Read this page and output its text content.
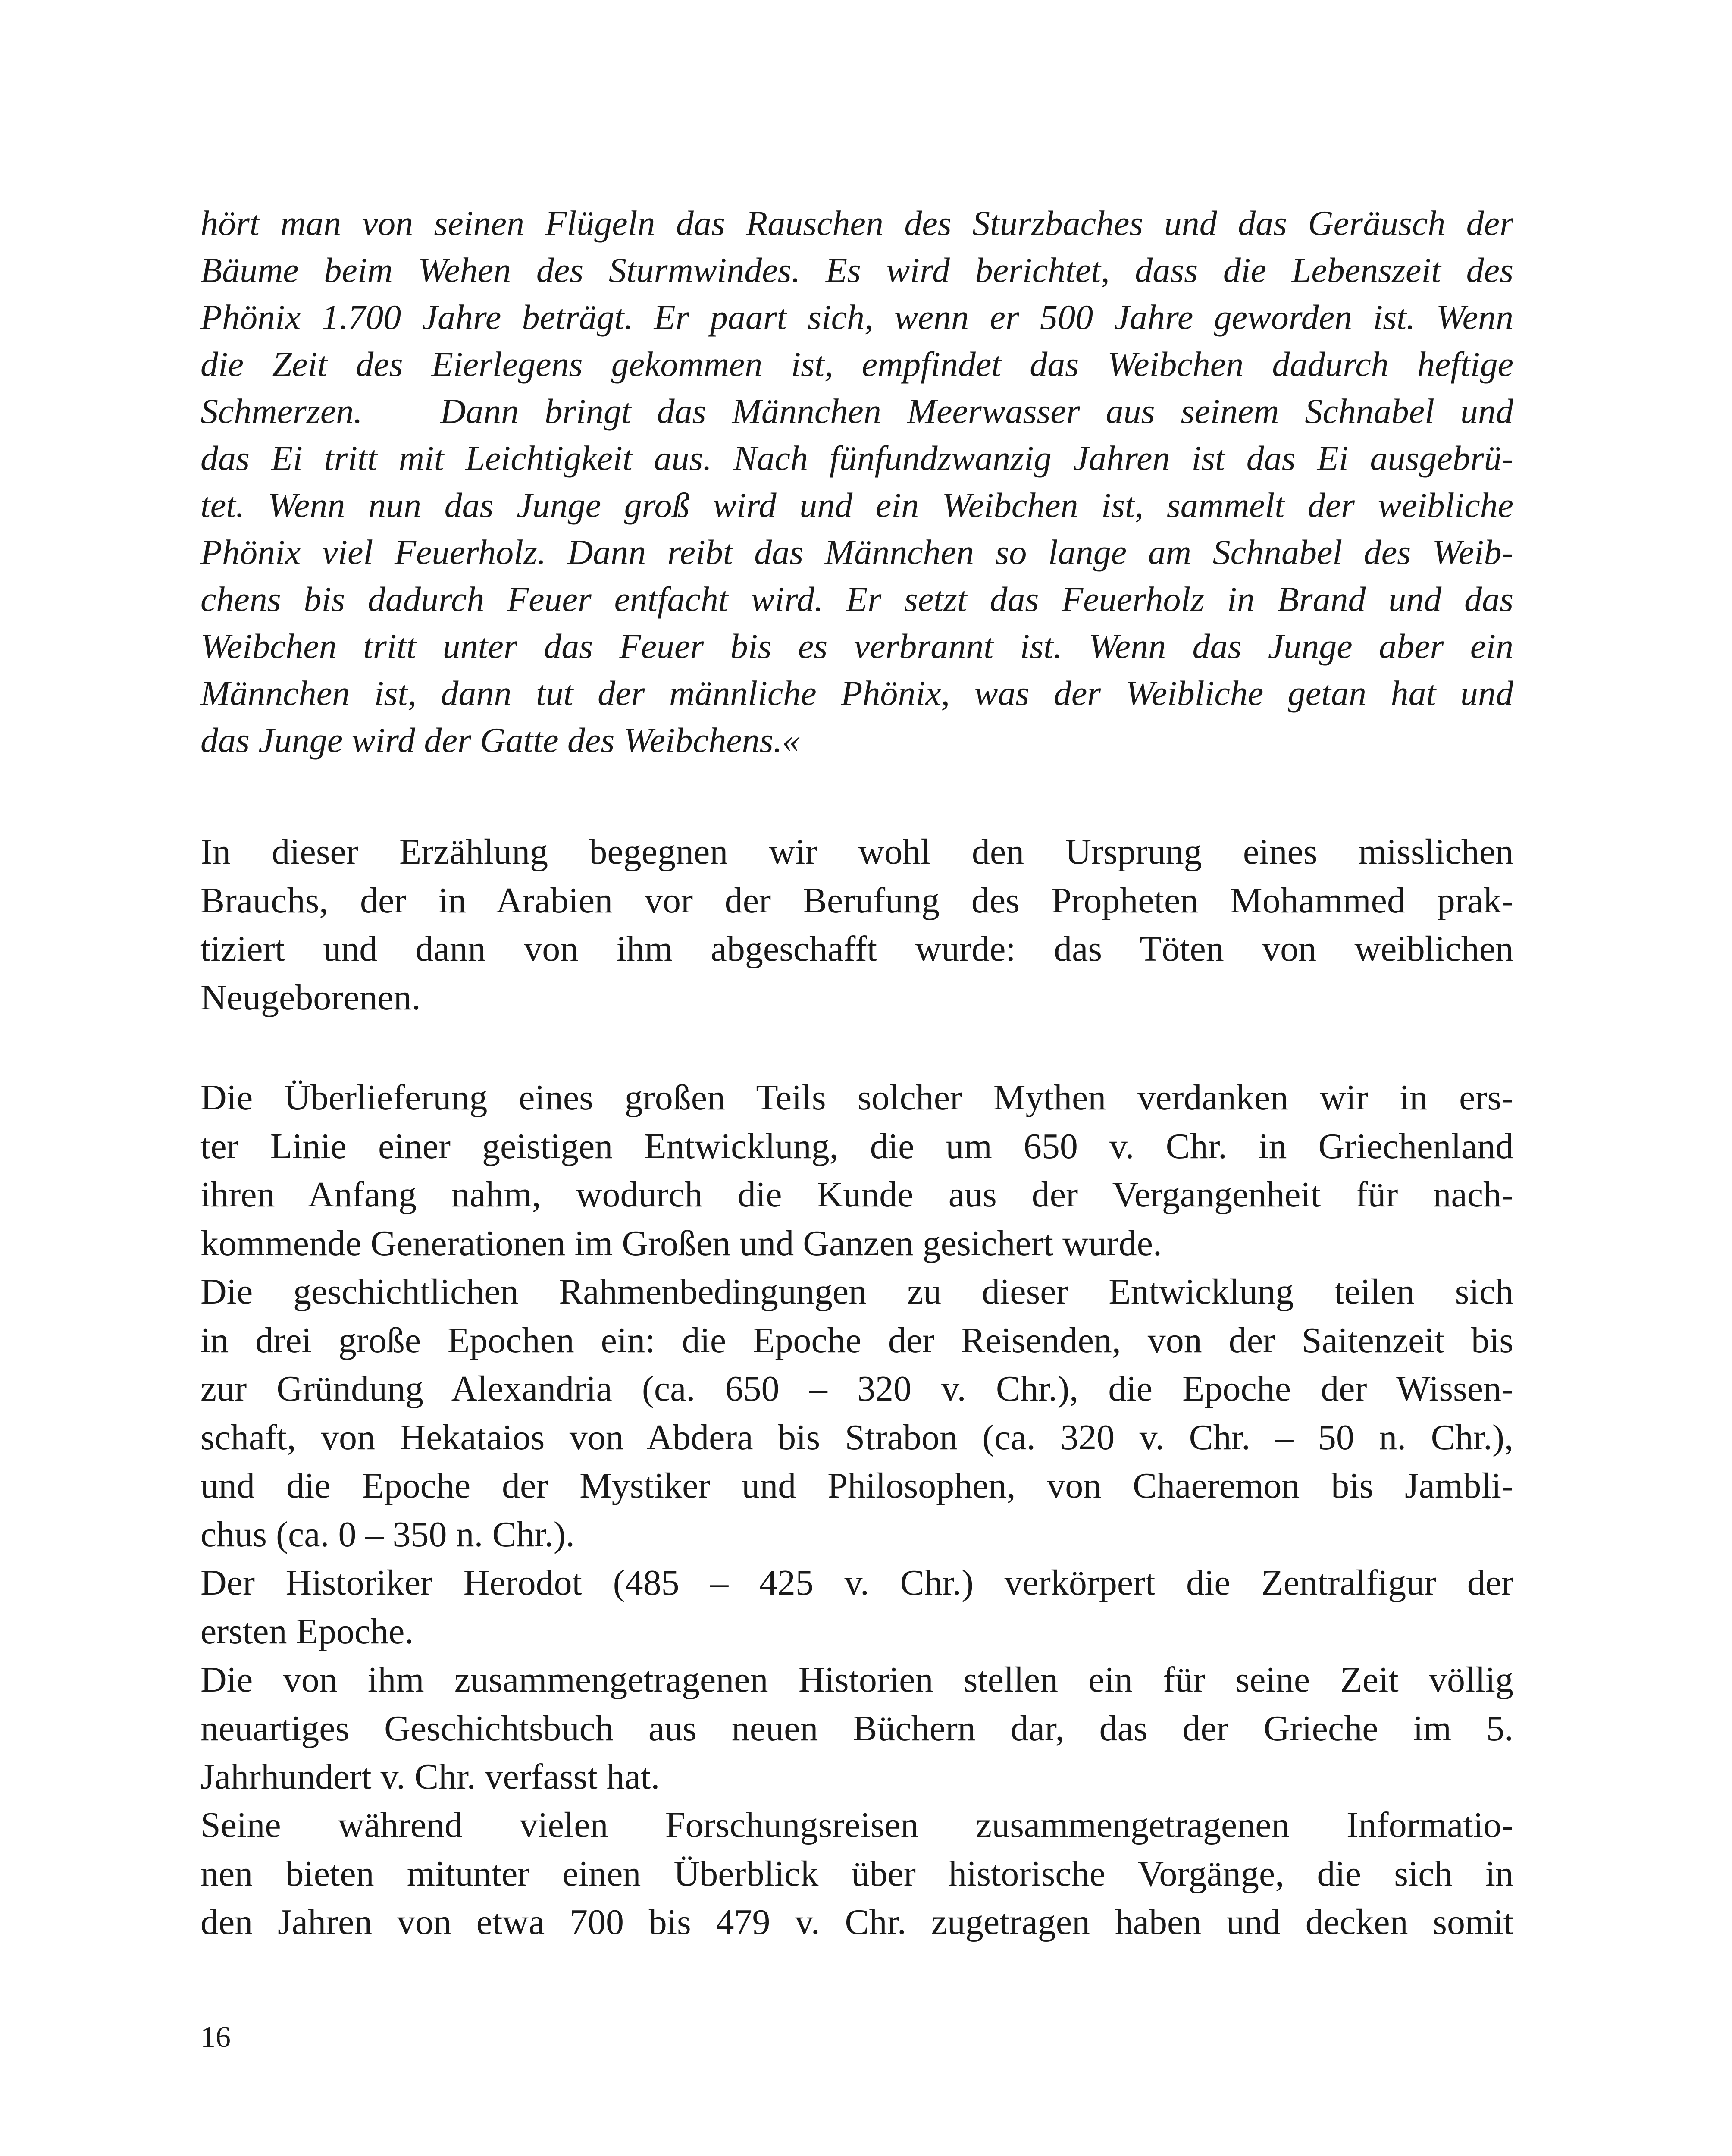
hört man von seinen Flügeln das Rauschen des Sturzbaches und das Geräusch der
Bäume beim Wehen des Sturmwindes. Es wird berichtet, dass die Lebenszeit des
Phönix 1.700 Jahre beträgt. Er paart sich, wenn er 500 Jahre geworden ist. Wenn
die Zeit des Eierlegens gekommen ist, empfindet das Weibchen dadurch heftige
Schmerzen.   Dann bringt das Männchen Meerwasser aus seinem Schnabel und
das Ei tritt mit Leichtigkeit aus. Nach fünfundzwanzig Jahren ist das Ei ausgebrü-
tet. Wenn nun das Junge groß wird und ein Weibchen ist, sammelt der weibliche
Phönix viel Feuerholz. Dann reibt das Männchen so lange am Schnabel des Weib-
chens bis dadurch Feuer entfacht wird. Er setzt das Feuerholz in Brand und das
Weibchen tritt unter das Feuer bis es verbrannt ist. Wenn das Junge aber ein
Männchen ist, dann tut der männliche Phönix, was der Weibliche getan hat und
das Junge wird der Gatte des Weibchens.«
In dieser Erzählung begegnen wir wohl den Ursprung eines misslichen
Brauchs, der in Arabien vor der Berufung des Propheten Mohammed prak-
tiziert und dann von ihm abgeschafft wurde: das Töten von weiblichen
Neugeborenen.
Die Überlieferung eines großen Teils solcher Mythen verdanken wir in ers-
ter Linie einer geistigen Entwicklung, die um 650 v. Chr. in Griechenland
ihren Anfang nahm, wodurch die Kunde aus der Vergangenheit für nach-
kommende Generationen im Großen und Ganzen gesichert wurde.
Die geschichtlichen Rahmenbedingungen zu dieser Entwicklung teilen sich
in drei große Epochen ein: die Epoche der Reisenden, von der Saitenzeit bis
zur Gründung Alexandria (ca. 650 – 320 v. Chr.), die Epoche der Wissen-
schaft, von Hekataios von Abdera bis Strabon (ca. 320 v. Chr. – 50 n. Chr.),
und die Epoche der Mystiker und Philosophen, von Chaeremon bis Jambli-
chus (ca. 0 – 350 n. Chr.).
Der Historiker Herodot (485 – 425 v. Chr.) verkörpert die Zentralfigur der
ersten Epoche.
Die von ihm zusammengetragenen Historien stellen ein für seine Zeit völlig
neuartiges Geschichtsbuch aus neuen Büchern dar, das der Grieche im 5.
Jahrhundert v. Chr. verfasst hat.
Seine während vielen Forschungsreisen zusammengetragenen Informatio-
nen bieten mitunter einen Überblick über historische Vorgänge, die sich in
den Jahren von etwa 700 bis 479 v. Chr. zugetragen haben und decken somit
16
